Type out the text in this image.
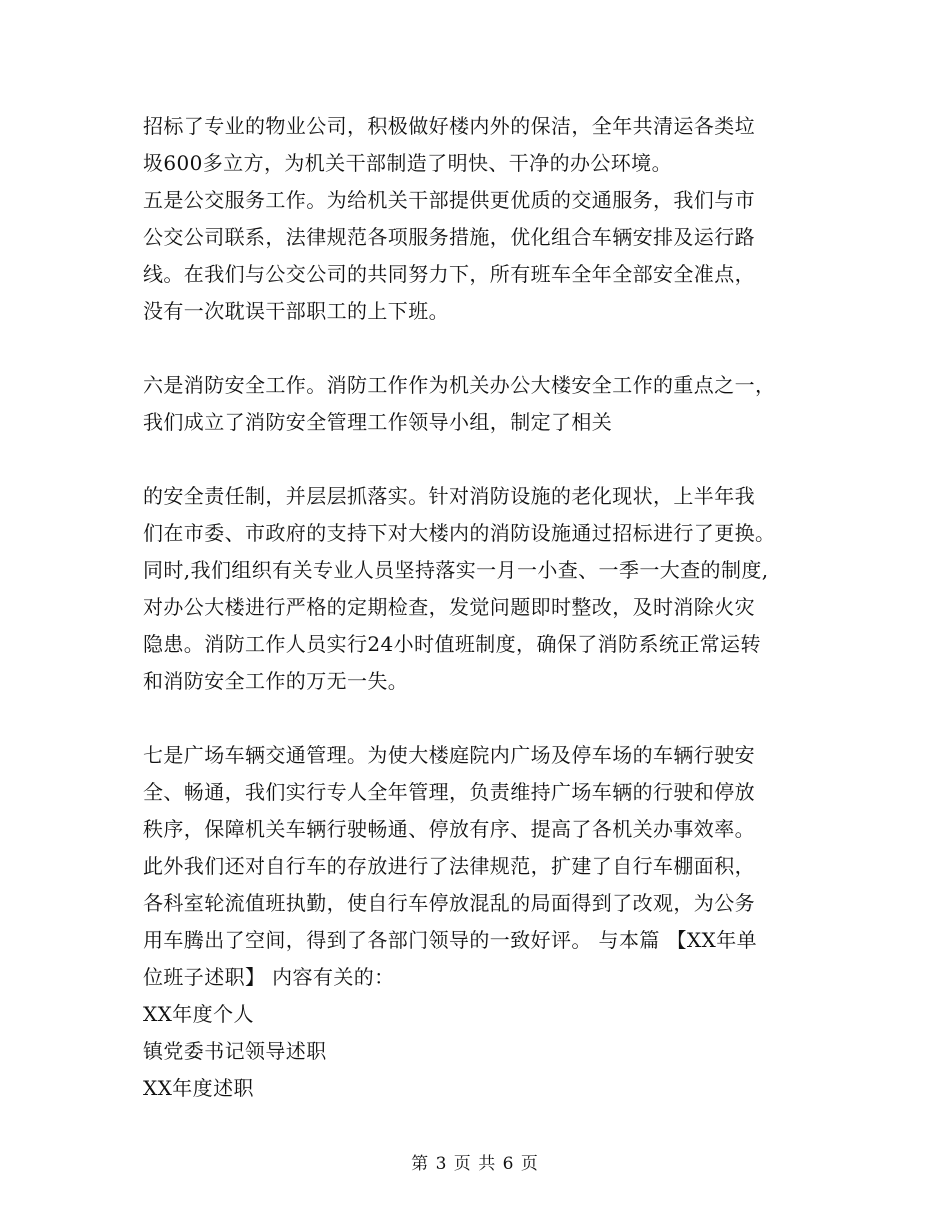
招标了专业的物业公司，积极做好楼内外的保洁，全年共清运各类垃
圾600多立方，为机关干部制造了明快、干净的办公环境。
五是公交服务工作。为给机关干部提供更优质的交通服务，我们与市
公交公司联系，法律规范各项服务措施，优化组合车辆安排及运行路
线。在我们与公交公司的共同努力下，所有班车全年全部安全准点，
没有一次耽误干部职工的上下班。
六是消防安全工作。消防工作作为机关办公大楼安全工作的重点之一，
我们成立了消防安全管理工作领导小组，制定了相关
的安全责任制，并层层抓落实。针对消防设施的老化现状，上半年我
们在市委、市政府的支持下对大楼内的消防设施通过招标进行了更换。
同时,我们组织有关专业人员坚持落实一月一小查、一季一大查的制度,
对办公大楼进行严格的定期检查，发觉问题即时整改，及时消除火灾
隐患。消防工作人员实行24小时值班制度，确保了消防系统正常运转
和消防安全工作的万无一失。
七是广场车辆交通管理。为使大楼庭院内广场及停车场的车辆行驶安
全、畅通，我们实行专人全年管理，负责维持广场车辆的行驶和停放
秩序，保障机关车辆行驶畅通、停放有序、提高了各机关办事效率。
此外我们还对自行车的存放进行了法律规范，扩建了自行车棚面积，
各科室轮流值班执勤，使自行车停放混乱的局面得到了改观，为公务
用车腾出了空间，得到了各部门领导的一致好评。 与本篇 【XX年单
位班子述职】 内容有关的：
XX年度个人
镇党委书记领导述职
XX年度述职
第 3 页 共 6 页
